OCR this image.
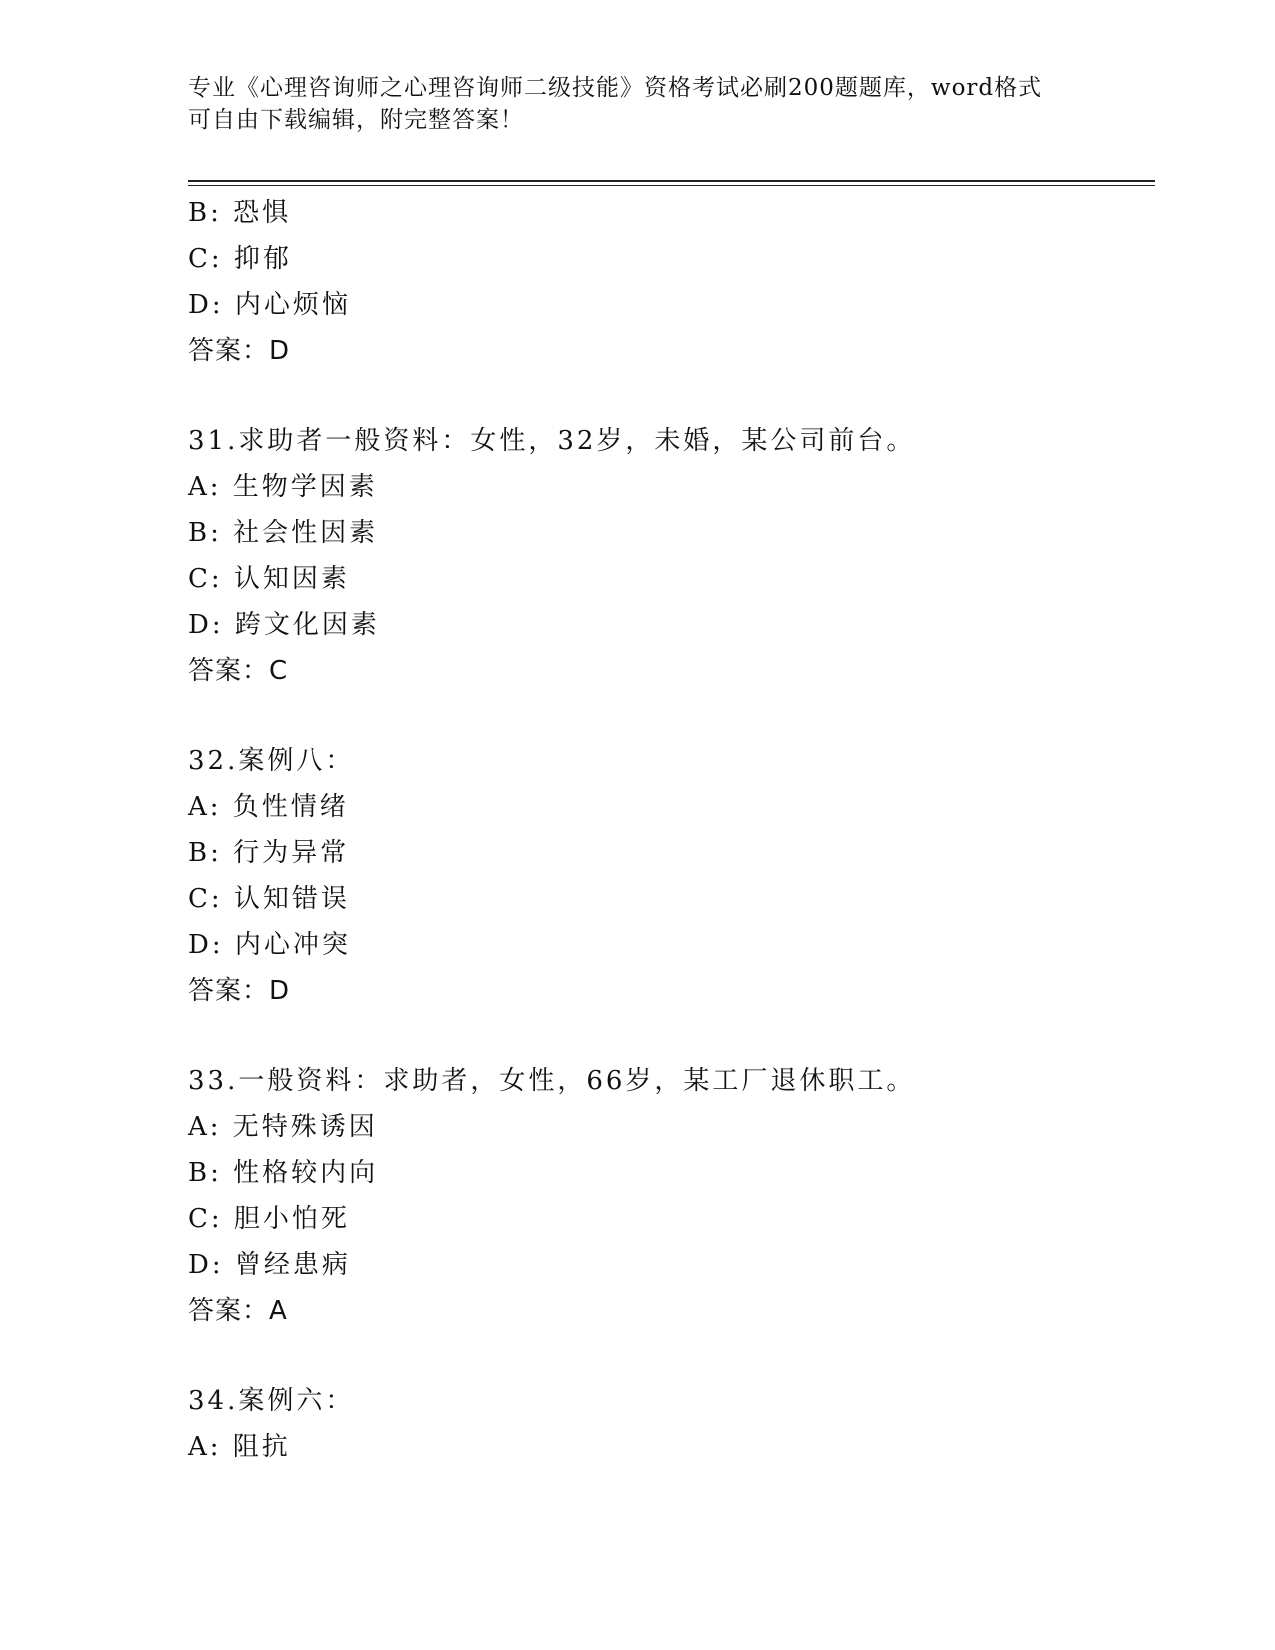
专业《心理咨询师之心理咨询师二级技能》资格考试必刷200题题库，word格式
可自由下载编辑，附完整答案！
B: 恐惧
C: 抑郁
D: 内心烦恼
答案：D
31.求助者一般资料：女性，32岁，未婚，某公司前台。
A: 生物学因素
B: 社会性因素
C: 认知因素
D: 跨文化因素
答案：C
32.案例八：
A: 负性情绪
B: 行为异常
C: 认知错误
D: 内心冲突
答案：D
33.一般资料：求助者，女性，66岁，某工厂退休职工。
A: 无特殊诱因
B: 性格较内向
C: 胆小怕死
D: 曾经患病
答案：A
34.案例六：
A: 阻抗
